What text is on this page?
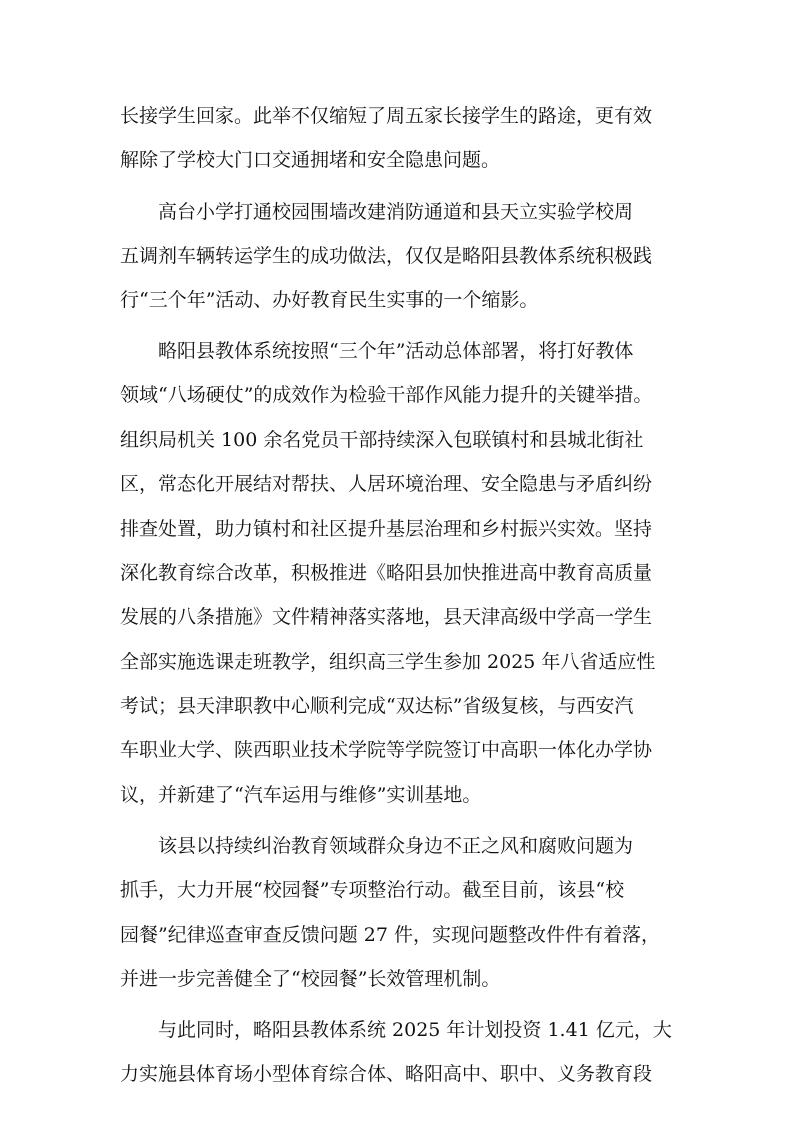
长接学生回家。此举不仅缩短了周五家长接学生的路途，更有效
解除了学校大门口交通拥堵和安全隐患问题。
高台小学打通校园围墙改建消防通道和县天立实验学校周
五调剂车辆转运学生的成功做法，仅仅是略阳县教体系统积极践
行“三个年”活动、办好教育民生实事的一个缩影。
略阳县教体系统按照“三个年”活动总体部署，将打好教体
领域“八场硬仗”的成效作为检验干部作风能力提升的关键举措。
组织局机关 100 余名党员干部持续深入包联镇村和县城北街社
区，常态化开展结对帮扶、人居环境治理、安全隐患与矛盾纠纷
排查处置，助力镇村和社区提升基层治理和乡村振兴实效。坚持
深化教育综合改革，积极推进《略阳县加快推进高中教育高质量
发展的八条措施》文件精神落实落地，县天津高级中学高一学生
全部实施选课走班教学，组织高三学生参加 2025 年八省适应性
考试；县天津职教中心顺利完成“双达标”省级复核，与西安汽
车职业大学、陕西职业技术学院等学院签订中高职一体化办学协
议，并新建了“汽车运用与维修”实训基地。
该县以持续纠治教育领域群众身边不正之风和腐败问题为
抓手，大力开展“校园餐”专项整治行动。截至目前，该县“校
园餐”纪律巡查审查反馈问题 27 件，实现问题整改件件有着落，
并进一步完善健全了“校园餐”长效管理机制。
与此同时，略阳县教体系统 2025 年计划投资 1.41 亿元，大
力实施县体育场小型体育综合体、略阳高中、职中、义务教育段
